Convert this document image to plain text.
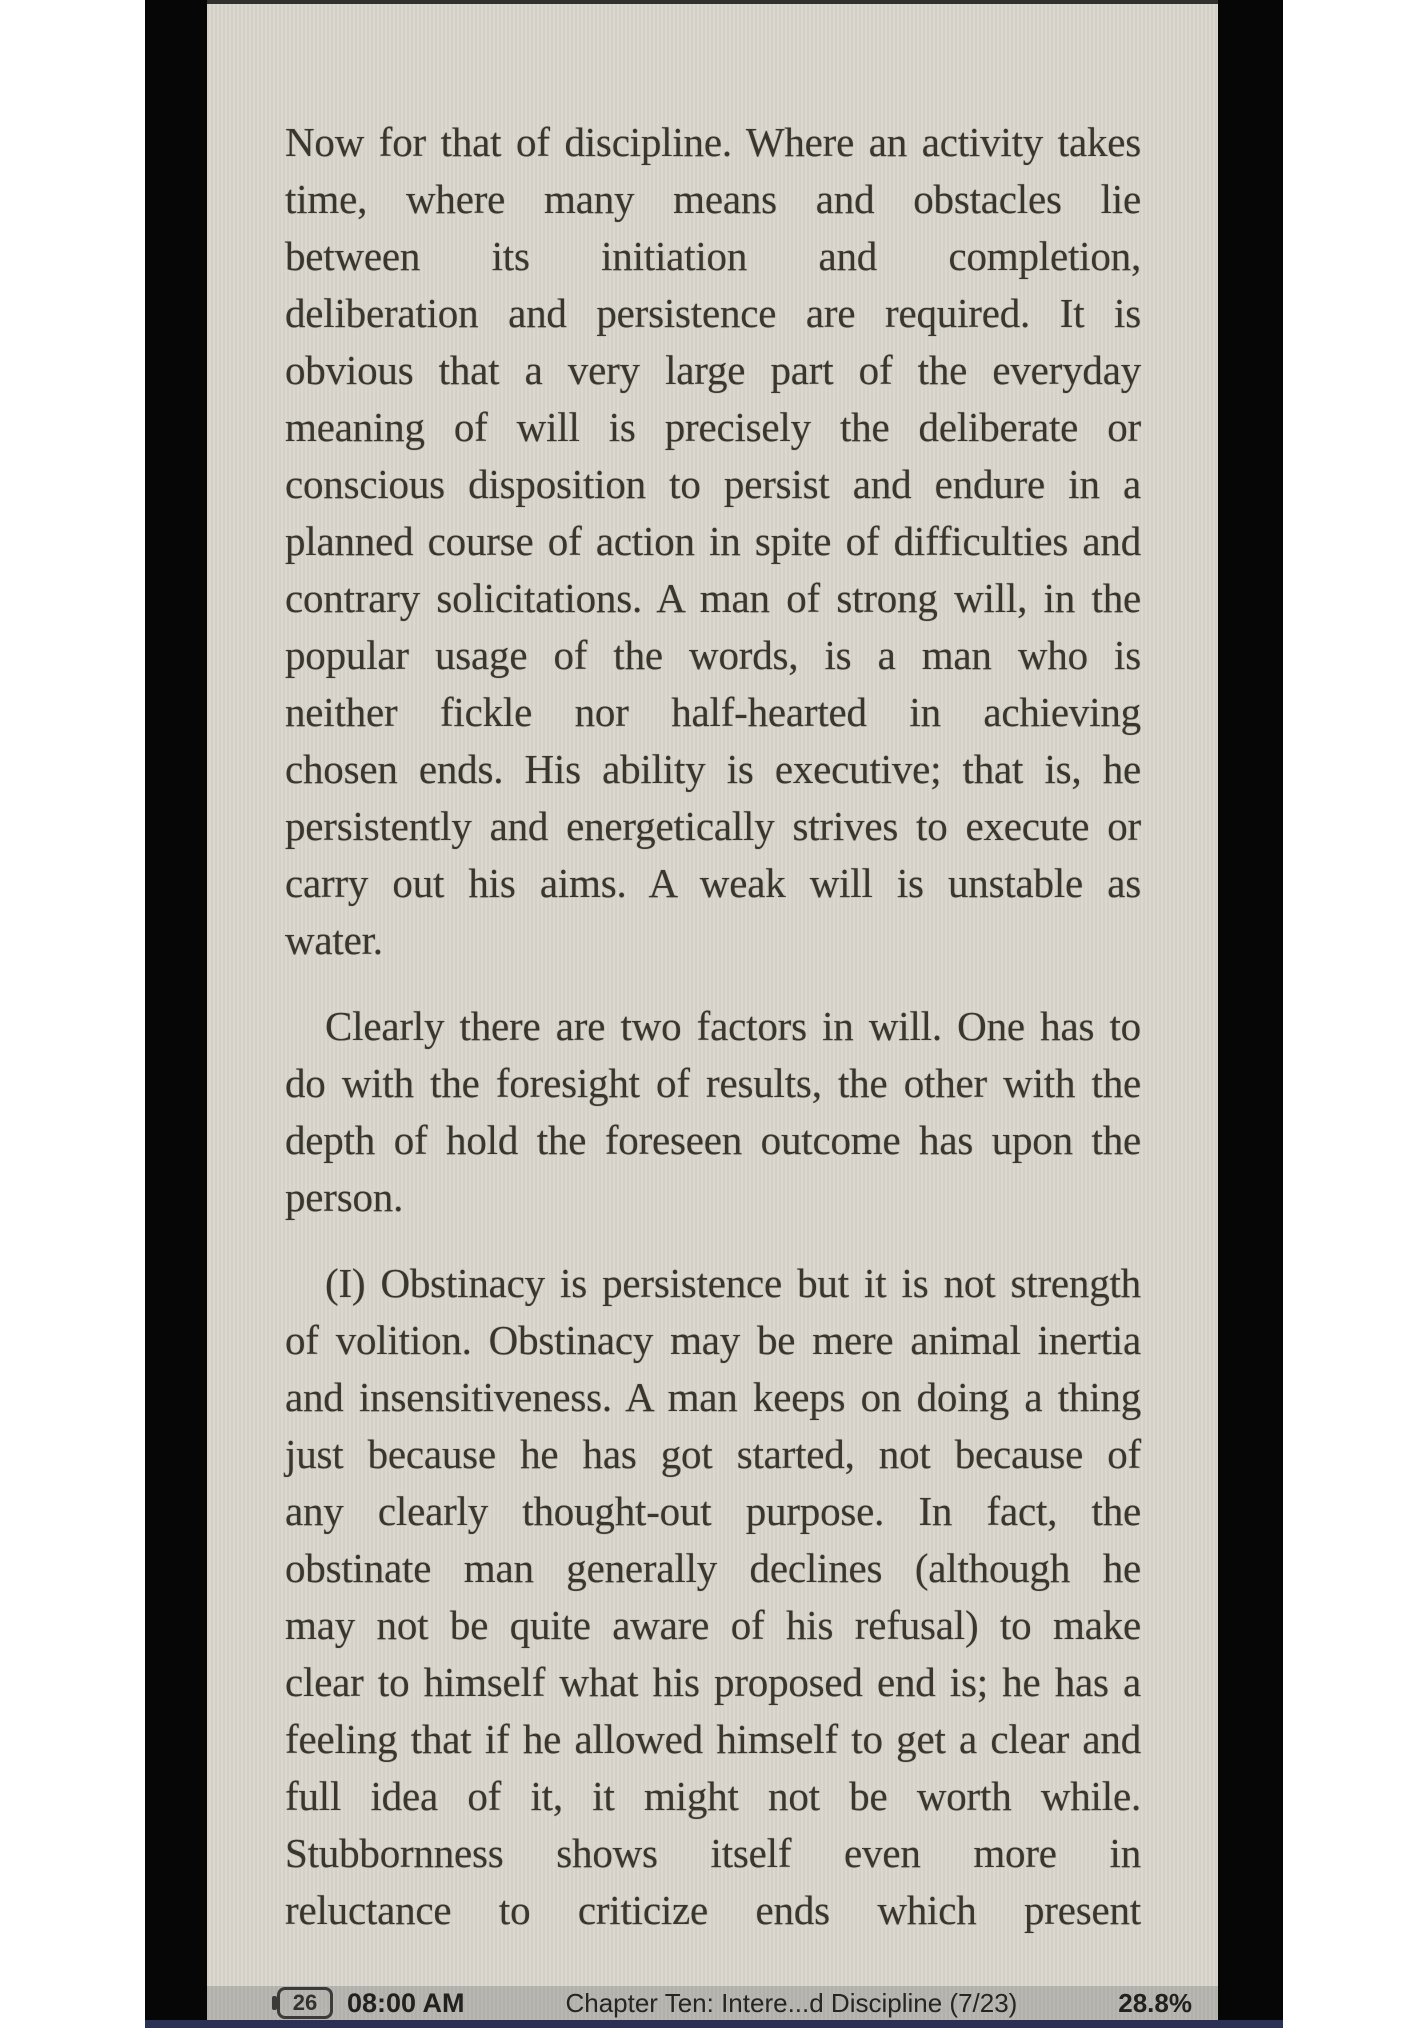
Now for that of discipline. Where an activity takes
time, where many means and obstacles lie
between its initiation and completion,
deliberation and persistence are required. It is
obvious that a very large part of the everyday
meaning of will is precisely the deliberate or
conscious disposition to persist and endure in a
planned course of action in spite of difficulties and
contrary solicitations. A man of strong will, in the
popular usage of the words, is a man who is
neither fickle nor half-hearted in achieving
chosen ends. His ability is executive; that is, he
persistently and energetically strives to execute or
carry out his aims. A weak will is unstable as
water.
Clearly there are two factors in will. One has to
do with the foresight of results, the other with the
depth of hold the foreseen outcome has upon the
person.
(I) Obstinacy is persistence but it is not strength
of volition. Obstinacy may be mere animal inertia
and insensitiveness. A man keeps on doing a thing
just because he has got started, not because of
any clearly thought-out purpose. In fact, the
obstinate man generally declines (although he
may not be quite aware of his refusal) to make
clear to himself what his proposed end is; he has a
feeling that if he allowed himself to get a clear and
full idea of it, it might not be worth while.
Stubbornness shows itself even more in
reluctance to criticize ends which present
26 08:00 AM	Chapter Ten: Intere...d Discipline (7/23)	28.8%
